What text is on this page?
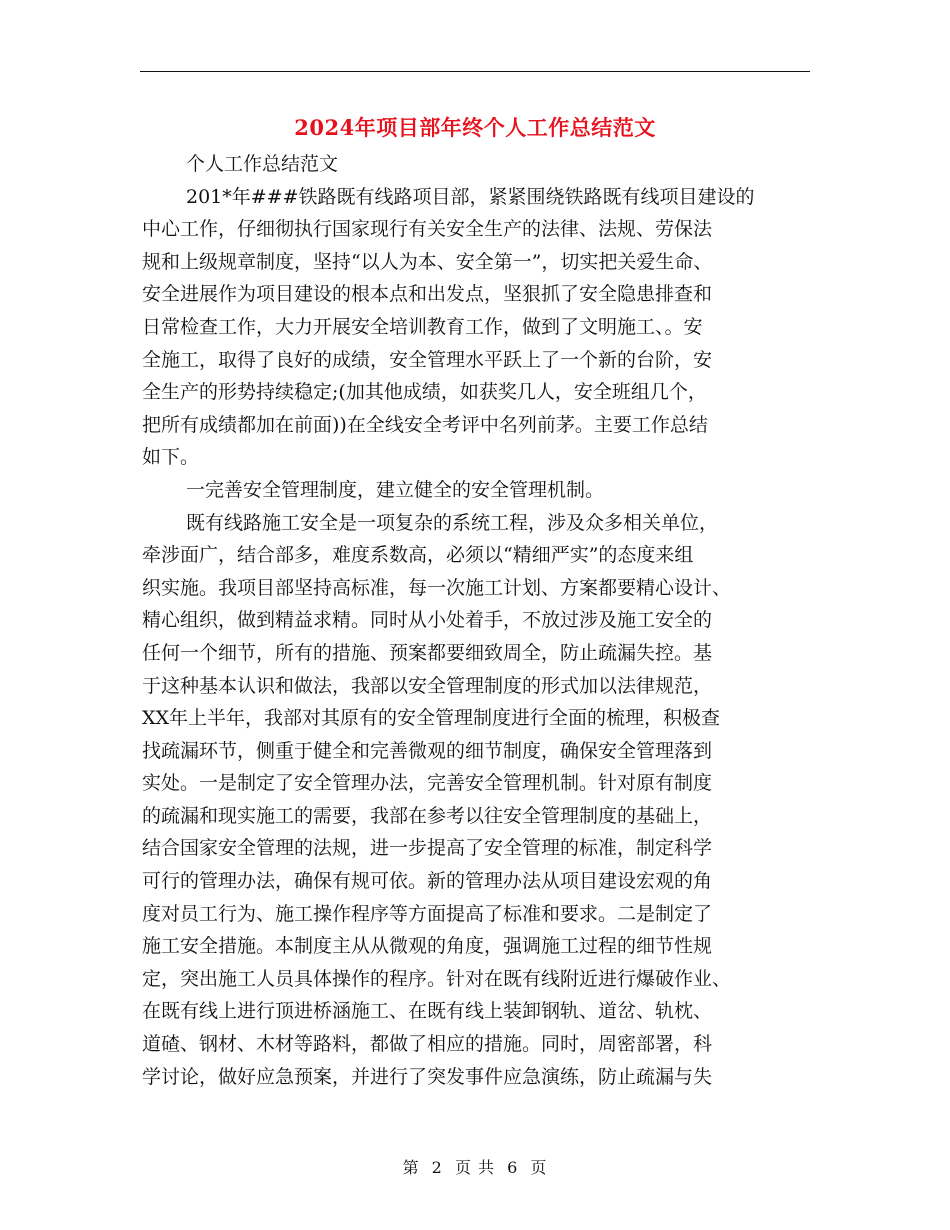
2024年项目部年终个人工作总结范文
个人工作总结范文
201*年###铁路既有线路项目部，紧紧围绕铁路既有线项目建设的
中心工作，仔细彻执行国家现行有关安全生产的法律、法规、劳保法
规和上级规章制度，坚持“以人为本、安全第一”，切实把关爱生命、
安全进展作为项目建设的根本点和出发点，坚狠抓了安全隐患排查和
日常检查工作，大力开展安全培训教育工作，做到了文明施工、。安
全施工，取得了良好的成绩，安全管理水平跃上了一个新的台阶，安
全生产的形势持续稳定;(加其他成绩，如获奖几人，安全班组几个，
把所有成绩都加在前面))在全线安全考评中名列前茅。主要工作总结
如下。
一完善安全管理制度，建立健全的安全管理机制。
既有线路施工安全是一项复杂的系统工程，涉及众多相关单位，
牵涉面广，结合部多，难度系数高，必须以“精细严实”的态度来组
织实施。我项目部坚持高标准，每一次施工计划、方案都要精心设计、
精心组织，做到精益求精。同时从小处着手，不放过涉及施工安全的
任何一个细节，所有的措施、预案都要细致周全，防止疏漏失控。基
于这种基本认识和做法，我部以安全管理制度的形式加以法律规范，
XX年上半年，我部对其原有的安全管理制度进行全面的梳理，积极查
找疏漏环节，侧重于健全和完善微观的细节制度，确保安全管理落到
实处。一是制定了安全管理办法，完善安全管理机制。针对原有制度
的疏漏和现实施工的需要，我部在参考以往安全管理制度的基础上，
结合国家安全管理的法规，进一步提高了安全管理的标准，制定科学
可行的管理办法，确保有规可依。新的管理办法从项目建设宏观的角
度对员工行为、施工操作程序等方面提高了标准和要求。二是制定了
施工安全措施。本制度主从从微观的角度，强调施工过程的细节性规
定，突出施工人员具体操作的程序。针对在既有线附近进行爆破作业、
在既有线上进行顶进桥涵施工、在既有线上装卸钢轨、道岔、轨枕、
道碴、钢材、木材等路料，都做了相应的措施。同时，周密部署，科
学讨论，做好应急预案，并进行了突发事件应急演练，防止疏漏与失
第 2 页 共 6 页
